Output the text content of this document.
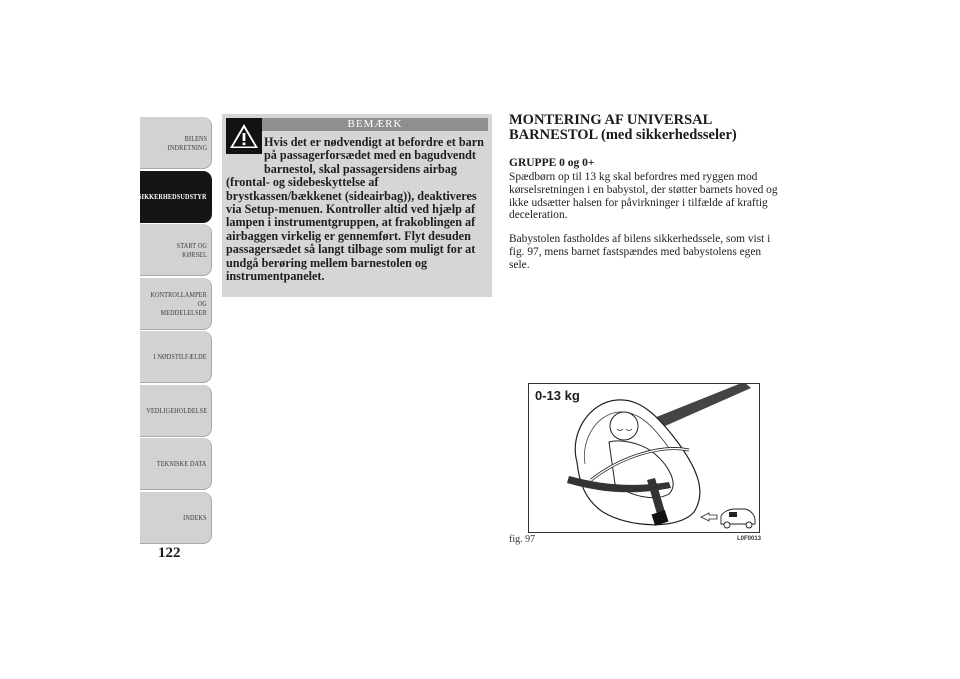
BILENS
INDRETNING
SIKKERHEDSUDSTYR
START OG KØRSEL
KONTROLLAMPER
OG MEDDELELSER
I NØDSTILFÆLDE
VEDLIGEHOLDELSE
TEKNISKE DATA
INDEKS
122
BEMÆRK
Hvis det er nødvendigt at befordre et barn på passagerforsædet med en bagudvendt barnestol, skal passagersidens airbag (frontal- og sidebeskyttelse af brystkassen/bækkenet (sideairbag)), deaktiveres via Setup-menuen. Kontroller altid ved hjælp af lampen i instrumentgruppen, at frakoblingen af airbaggen virkelig er gennemført. Flyt desuden passagersædet så langt tilbage som muligt for at undgå berøring mellem barnestolen og instrumentpanelet.
MONTERING AF UNIVERSAL BARNESTOL (med sikkerhedsseler)
GRUPPE 0 og 0+
Spædbørn op til 13 kg skal befordres med ryggen mod kørselsretningen i en babystol, der støtter barnets hoved og ikke udsætter halsen for påvirkninger i tilfælde af kraftig deceleration.
Babystolen fastholdes af bilens sikkerhedssele, som vist i fig. 97, mens barnet fastspændes med babystolens egen sele.
0-13 kg
fig. 97	L0F0013
